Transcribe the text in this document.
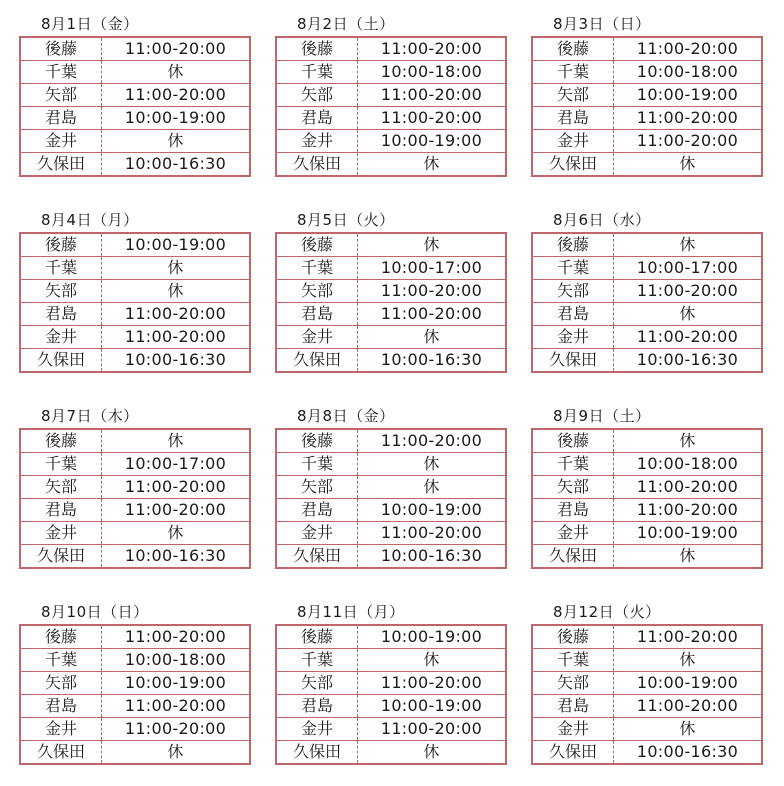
8月1日（金）
後藤	11:00-20:00
千葉	休
矢部	11:00-20:00
君島	10:00-19:00
金井	休
久保田	10:00-16:30
8月2日（土）
後藤	11:00-20:00
千葉	10:00-18:00
矢部	11:00-20:00
君島	11:00-20:00
金井	10:00-19:00
久保田	休
8月3日（日）
後藤	11:00-20:00
千葉	10:00-18:00
矢部	10:00-19:00
君島	11:00-20:00
金井	11:00-20:00
久保田	休
8月4日（月）
後藤	10:00-19:00
千葉	休
矢部	休
君島	11:00-20:00
金井	11:00-20:00
久保田	10:00-16:30
8月5日（火）
後藤	休
千葉	10:00-17:00
矢部	11:00-20:00
君島	11:00-20:00
金井	休
久保田	10:00-16:30
8月6日（水）
後藤	休
千葉	10:00-17:00
矢部	11:00-20:00
君島	休
金井	11:00-20:00
久保田	10:00-16:30
8月7日（木）
後藤	休
千葉	10:00-17:00
矢部	11:00-20:00
君島	11:00-20:00
金井	休
久保田	10:00-16:30
8月8日（金）
後藤	11:00-20:00
千葉	休
矢部	休
君島	10:00-19:00
金井	11:00-20:00
久保田	10:00-16:30
8月9日（土）
後藤	休
千葉	10:00-18:00
矢部	11:00-20:00
君島	11:00-20:00
金井	10:00-19:00
久保田	休
8月10日（日）
後藤	11:00-20:00
千葉	10:00-18:00
矢部	10:00-19:00
君島	11:00-20:00
金井	11:00-20:00
久保田	休
8月11日（月）
後藤	10:00-19:00
千葉	休
矢部	11:00-20:00
君島	10:00-19:00
金井	11:00-20:00
久保田	休
8月12日（火）
後藤	11:00-20:00
千葉	休
矢部	10:00-19:00
君島	11:00-20:00
金井	休
久保田	10:00-16:30
